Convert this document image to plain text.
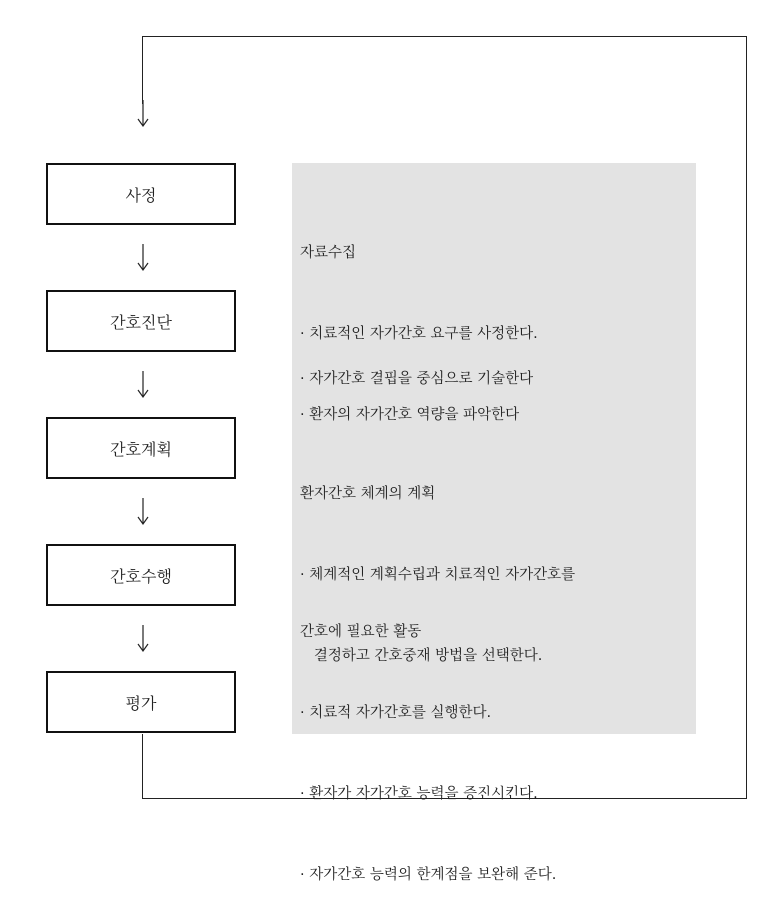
사정
간호진단
간호계획
간호수행
평가

자료수집

· 치료적인 자가간호 요구를 사정한다.

· 환자의 자가간호 역량을 파악한다

· 자가간호 결핍을 중심으로 기술한다

환자간호 체계의 계획

· 체계적인 계획수립과 치료적인 자가간호를

결정하고 간호중재 방법을 선택한다.

간호에 필요한 활동

· 치료적 자가간호를 실행한다.

· 환자가 자가간호 능력을 증진시킨다.

· 자가간호 능력의 한계점을 보완해 준다.
